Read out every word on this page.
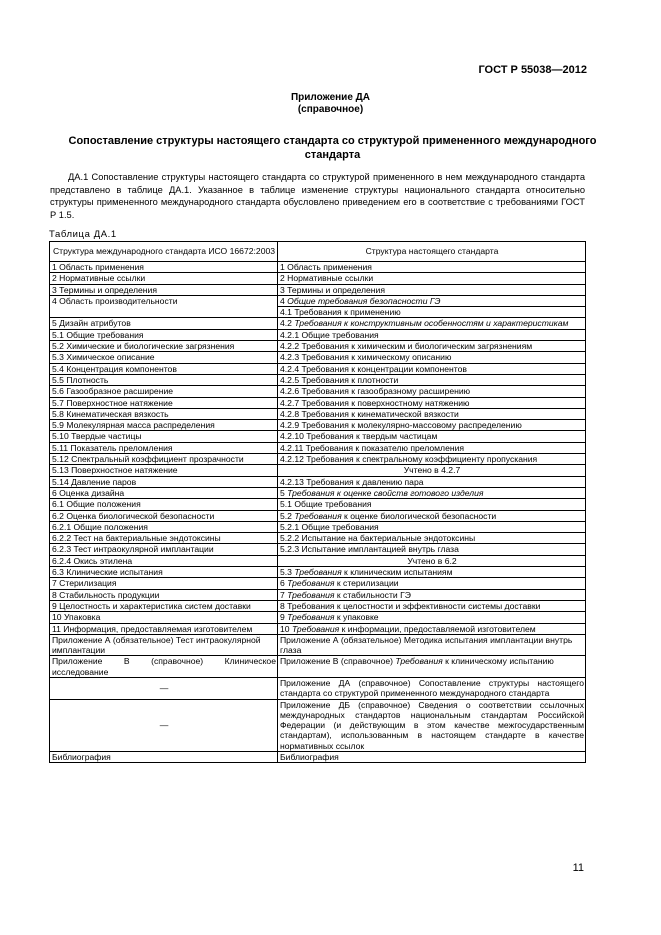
ГОСТ Р 55038—2012
Приложение ДА
(справочное)
Сопоставление структуры настоящего стандарта со структурой примененного международного стандарта

ДА.1 Сопоставление структуры настоящего стандарта со структурой примененного в нем международного стандарта представлено в таблице ДА.1. Указанное в таблице изменение структуры национального стандарта относительно структуры примененного международного стандарта обусловлено приведением его в соответствие с требованиями ГОСТ Р 1.5.

Таблица ДА.1
Структура международного стандарта ИСО 16672:2003	Структура настоящего стандарта
1 Область применения	1 Область применения
2 Нормативные ссылки	2 Нормативные ссылки
3 Термины и определения	3 Термины и определения
4 Область производительности	4 Общие требования безопасности ГЭ
	4.1 Требования к применению
5 Дизайн атрибутов	4.2 Требования к конструктивным особенностям и характеристикам
5.1 Общие требования	4.2.1 Общие требования
5.2 Химические и биологические загрязнения	4.2.2 Требования к химическим и биологическим загрязнениям
5.3 Химическое описание	4.2.3 Требования к химическому описанию
5.4 Концентрация компонентов	4.2.4 Требования к концентрации компонентов
5.5 Плотность	4.2.5 Требования к плотности
5.6 Газообразное расширение	4.2.6 Требования к газообразному расширению
5.7 Поверхностное натяжение	4.2.7 Требования к поверхностному натяжению
5.8 Кинематическая вязкость	4.2.8 Требования к кинематической вязкости
5.9 Молекулярная масса распределения	4.2.9 Требования к молекулярно-массовому распределению
5.10 Твердые частицы	4.2.10 Требования к твердым частицам
5.11 Показатель преломления	4.2.11 Требования к показателю преломления
5.12 Спектральный коэффициент прозрачности	4.2.12 Требования к спектральному коэффициенту пропускания
5.13 Поверхностное натяжение	Учтено в 4.2.7
5.14 Давление паров	4.2.13 Требования к давлению пара
6 Оценка дизайна	5 Требования к оценке свойств готового изделия
6.1 Общие положения	5.1 Общие требования
6.2 Оценка биологической безопасности	5.2 Требования к оценке биологической безопасности
6.2.1 Общие положения	5.2.1 Общие требования
6.2.2 Тест на бактериальные эндотоксины	5.2.2 Испытание на бактериальные эндотоксины
6.2.3 Тест интраокулярной имплантации	5.2.3 Испытание имплантацией внутрь глаза
6.2.4 Окись этилена	Учтено в 6.2
6.3 Клинические испытания	5.3 Требования к клиническим испытаниям
7 Стерилизация	6 Требования к стерилизации
8 Стабильность продукции	7 Требования к стабильности ГЭ
9 Целостность и характеристика систем доставки	8 Требования к целостности и эффективности системы доставки
10 Упаковка	9 Требования к упаковке
11 Информация, предоставляемая изготовителем	10 Требования к информации, предоставляемой изготовителем
Приложение А (обязательное) Тест интраокулярной имплантации	Приложение А (обязательное) Методика испытания имплантации внутрь глаза
Приложение В (справочное) Клиническое исследование	Приложение В (справочное) Требования к клиническому испытанию
—	Приложение ДА (справочное) Сопоставление структуры настоящего стандарта со структурой примененного международного стандарта
—	Приложение ДБ (справочное) Сведения о соответствии ссылочных международных стандартов национальным стандартам Российской Федерации (и действующим в этом качестве межгосударственным стандартам), использованным в настоящем стандарте в качестве нормативных ссылок
Библиография	Библиография
11
